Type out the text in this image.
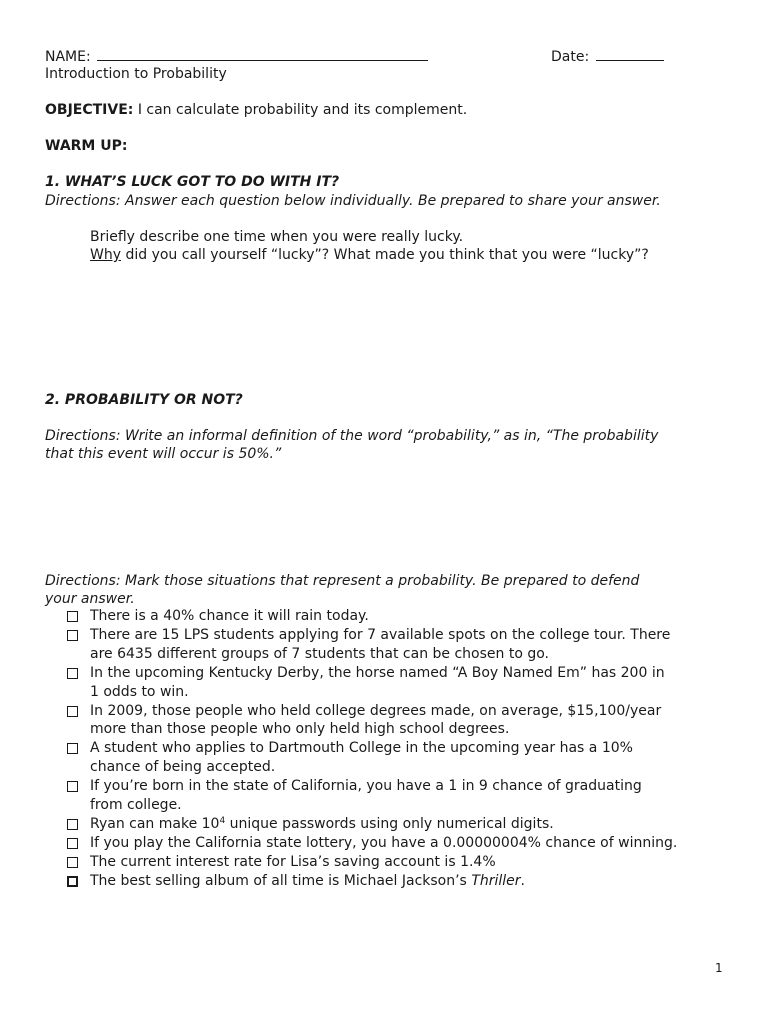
NAME:	Date:
Introduction to Probability
OBJECTIVE: I can calculate probability and its complement.
WARM UP:
1. WHAT’S LUCK GOT TO DO WITH IT?
Directions: Answer each question below individually. Be prepared to share your answer.
Briefly describe one time when you were really lucky.
Why did you call yourself “lucky”? What made you think that you were “lucky”?
2. PROBABILITY OR NOT?
Directions: Write an informal definition of the word “probability,” as in, “The probability
that this event will occur is 50%.”
Directions: Mark those situations that represent a probability. Be prepared to defend
your answer.
There is a 40% chance it will rain today.
There are 15 LPS students applying for 7 available spots on the college tour. There
are 6435 different groups of 7 students that can be chosen to go.
In the upcoming Kentucky Derby, the horse named “A Boy Named Em” has 200 in
1 odds to win.
In 2009, those people who held college degrees made, on average, $15,100/year
more than those people who only held high school degrees.
A student who applies to Dartmouth College in the upcoming year has a 10%
chance of being accepted.
If you’re born in the state of California, you have a 1 in 9 chance of graduating
from college.
Ryan can make $10^4$ unique passwords using only numerical digits.
If you play the California state lottery, you have a 0.00000004% chance of winning.
The current interest rate for Lisa’s saving account is 1.4%
The best selling album of all time is Michael Jackson’s Thriller.
1
